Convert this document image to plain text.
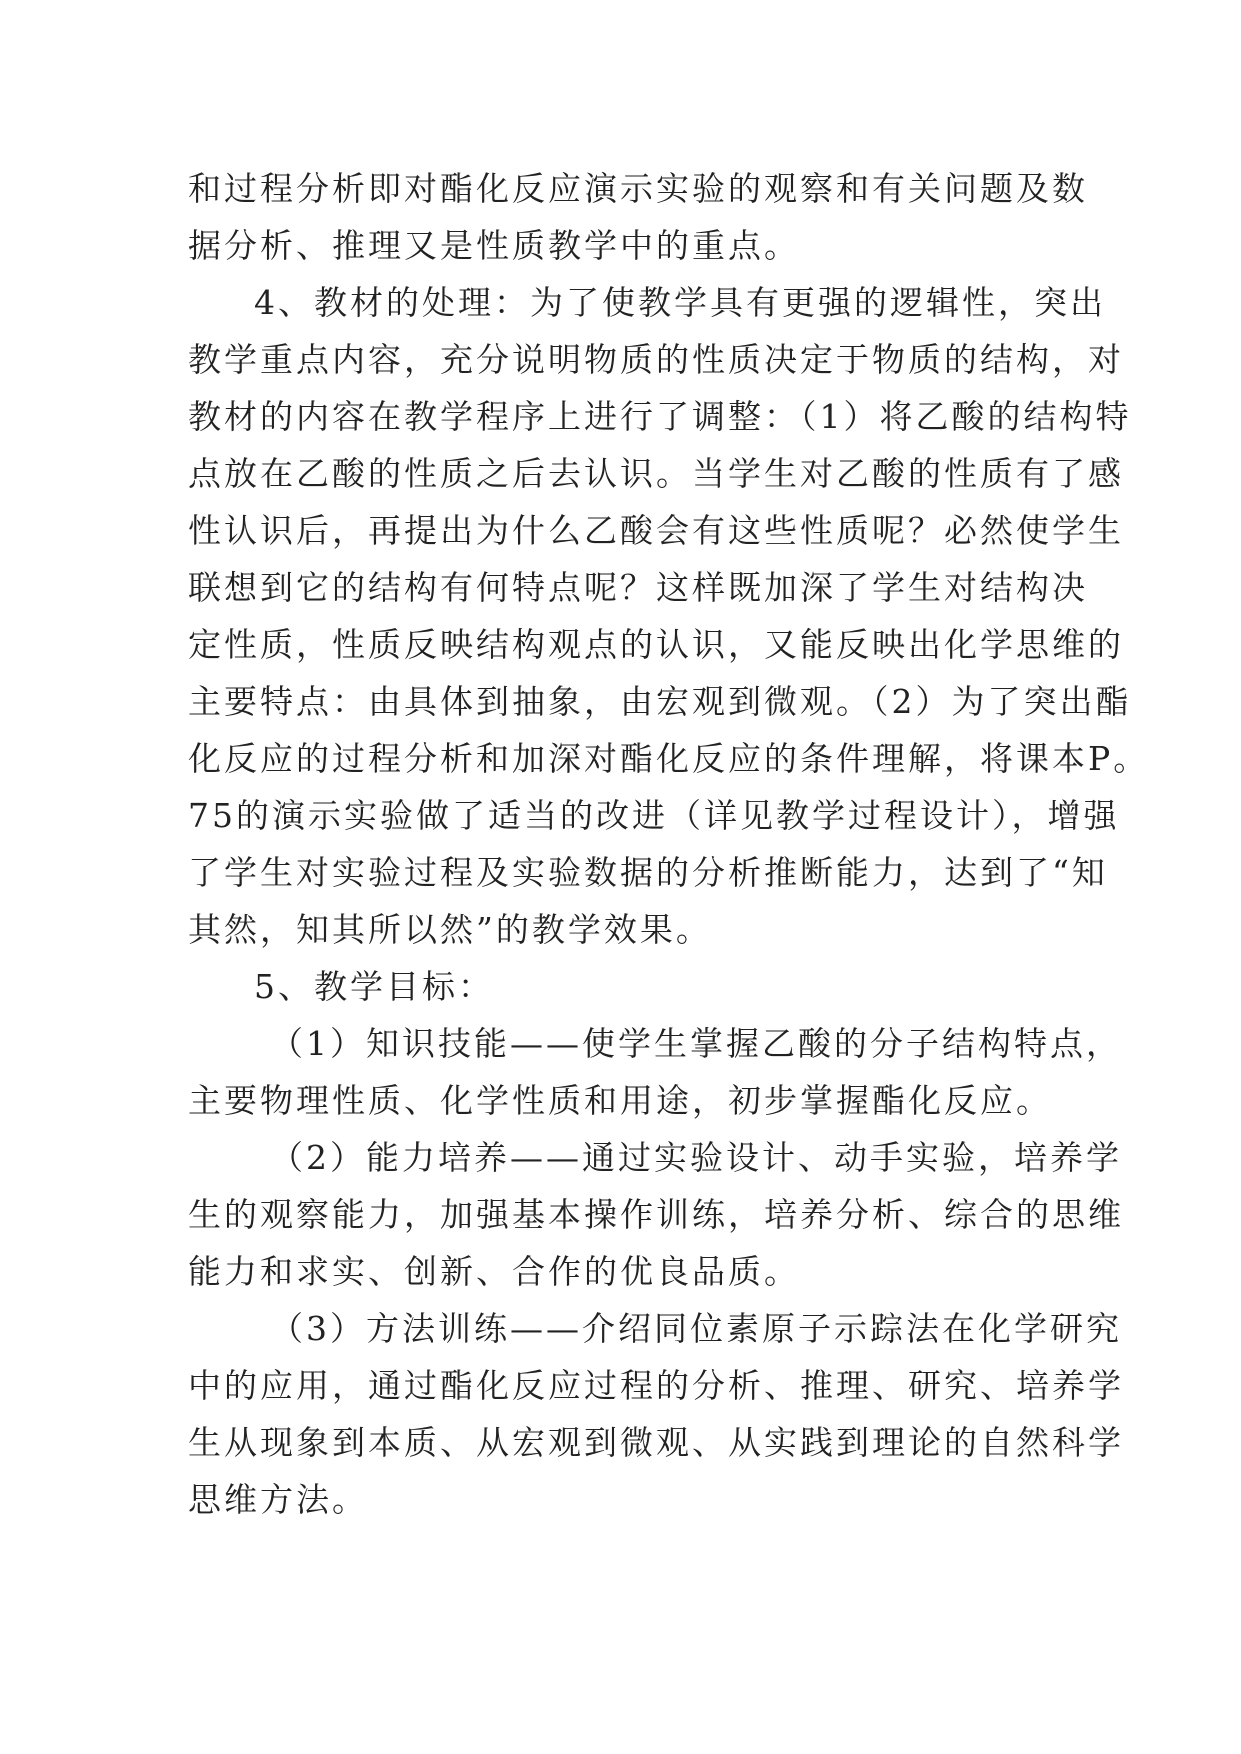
和过程分析即对酯化反应演示实验的观察和有关问题及数
据分析、推理又是性质教学中的重点。
4、教材的处理：为了使教学具有更强的逻辑性，突出
教学重点内容，充分说明物质的性质决定于物质的结构，对
教材的内容在教学程序上进行了调整：（1）将乙酸的结构特
点放在乙酸的性质之后去认识。当学生对乙酸的性质有了感
性认识后，再提出为什么乙酸会有这些性质呢？必然使学生
联想到它的结构有何特点呢？这样既加深了学生对结构决
定性质，性质反映结构观点的认识，又能反映出化学思维的
主要特点：由具体到抽象，由宏观到微观。（2）为了突出酯
化反应的过程分析和加深对酯化反应的条件理解，将课本P。
75的演示实验做了适当的改进（详见教学过程设计），增强
了学生对实验过程及实验数据的分析推断能力，达到了“知
其然，知其所以然”的教学效果。
5、教学目标：
（1）知识技能——使学生掌握乙酸的分子结构特点，
主要物理性质、化学性质和用途，初步掌握酯化反应。
（2）能力培养——通过实验设计、动手实验，培养学
生的观察能力，加强基本操作训练，培养分析、综合的思维
能力和求实、创新、合作的优良品质。
（3）方法训练——介绍同位素原子示踪法在化学研究
中的应用，通过酯化反应过程的分析、推理、研究、培养学
生从现象到本质、从宏观到微观、从实践到理论的自然科学
思维方法。
